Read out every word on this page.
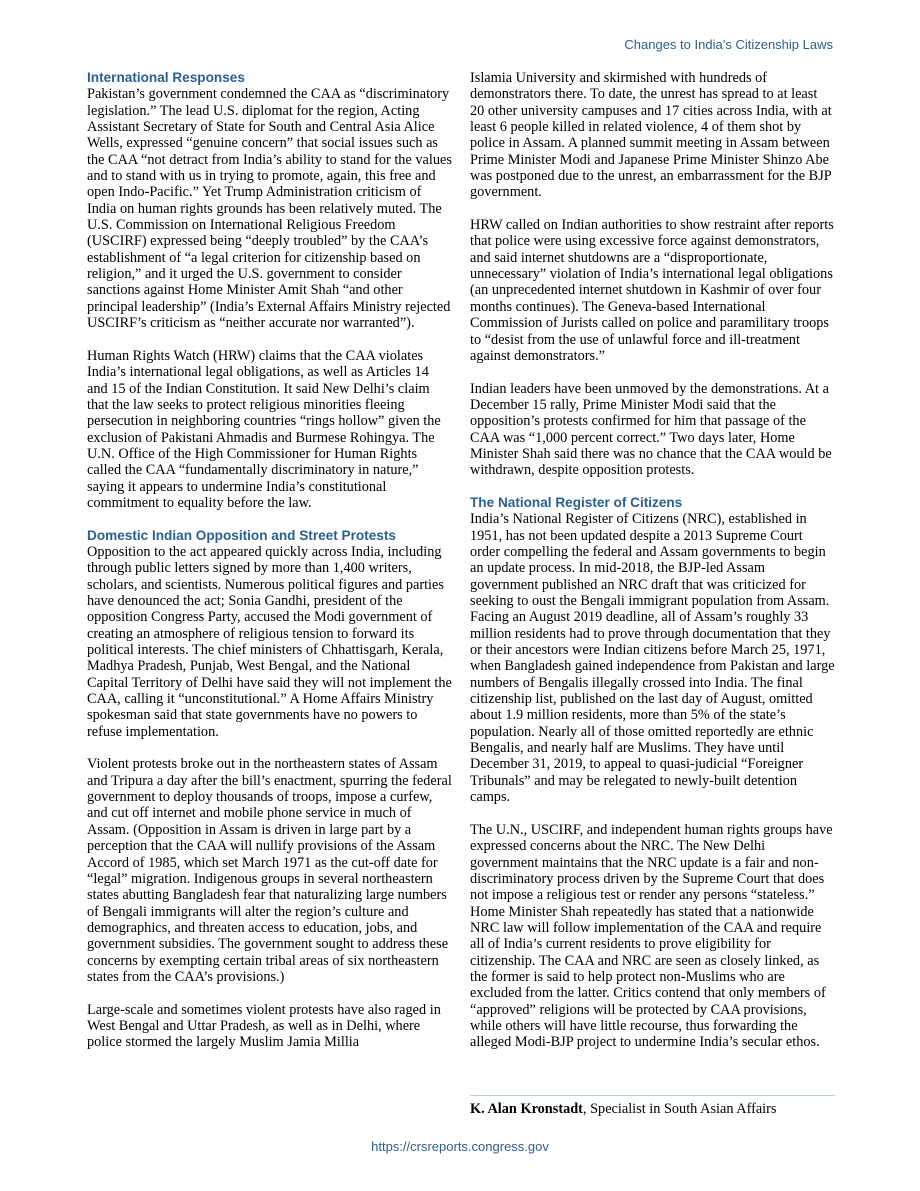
Changes to India’s Citizenship Laws
International Responses

Pakistan’s government condemned the CAA as “discriminatory legislation.” The lead U.S. diplomat for the region, Acting Assistant Secretary of State for South and Central Asia Alice Wells, expressed “genuine concern” that social issues such as the CAA “not detract from India’s ability to stand for the values and to stand with us in trying to promote, again, this free and open Indo-Pacific.” Yet Trump Administration criticism of India on human rights grounds has been relatively muted. The U.S. Commission on International Religious Freedom (USCIRF) expressed being “deeply troubled” by the CAA’s establishment of “a legal criterion for citizenship based on religion,” and it urged the U.S. government to consider sanctions against Home Minister Amit Shah “and other principal leadership” (India’s External Affairs Ministry rejected USCIRF’s criticism as “neither accurate nor warranted”).

Human Rights Watch (HRW) claims that the CAA violates India’s international legal obligations, as well as Articles 14 and 15 of the Indian Constitution. It said New Delhi’s claim that the law seeks to protect religious minorities fleeing persecution in neighboring countries “rings hollow” given the exclusion of Pakistani Ahmadis and Burmese Rohingya. The U.N. Office of the High Commissioner for Human Rights called the CAA “fundamentally discriminatory in nature,” saying it appears to undermine India’s constitutional commitment to equality before the law.

Domestic Indian Opposition and Street Protests

Opposition to the act appeared quickly across India, including through public letters signed by more than 1,400 writers, scholars, and scientists. Numerous political figures and parties have denounced the act; Sonia Gandhi, president of the opposition Congress Party, accused the Modi government of creating an atmosphere of religious tension to forward its political interests. The chief ministers of Chhattisgarh, Kerala, Madhya Pradesh, Punjab, West Bengal, and the National Capital Territory of Delhi have said they will not implement the CAA, calling it “unconstitutional.” A Home Affairs Ministry spokesman said that state governments have no powers to refuse implementation.

Violent protests broke out in the northeastern states of Assam and Tripura a day after the bill’s enactment, spurring the federal government to deploy thousands of troops, impose a curfew, and cut off internet and mobile phone service in much of Assam. (Opposition in Assam is driven in large part by a perception that the CAA will nullify provisions of the Assam Accord of 1985, which set March 1971 as the cut-off date for “legal” migration. Indigenous groups in several northeastern states abutting Bangladesh fear that naturalizing large numbers of Bengali immigrants will alter the region’s culture and demographics, and threaten access to education, jobs, and government subsidies. The government sought to address these concerns by exempting certain tribal areas of six northeastern states from the CAA’s provisions.)

Large-scale and sometimes violent protests have also raged in West Bengal and Uttar Pradesh, as well as in Delhi, where police stormed the largely Muslim Jamia Millia

Islamia University and skirmished with hundreds of demonstrators there. To date, the unrest has spread to at least 20 other university campuses and 17 cities across India, with at least 6 people killed in related violence, 4 of them shot by police in Assam. A planned summit meeting in Assam between Prime Minister Modi and Japanese Prime Minister Shinzo Abe was postponed due to the unrest, an embarrassment for the BJP government.

HRW called on Indian authorities to show restraint after reports that police were using excessive force against demonstrators, and said internet shutdowns are a “disproportionate, unnecessary” violation of India’s international legal obligations (an unprecedented internet shutdown in Kashmir of over four months continues). The Geneva-based International Commission of Jurists called on police and paramilitary troops to “desist from the use of unlawful force and ill-treatment against demonstrators.”

Indian leaders have been unmoved by the demonstrations. At a December 15 rally, Prime Minister Modi said that the opposition’s protests confirmed for him that passage of the CAA was “1,000 percent correct.” Two days later, Home Minister Shah said there was no chance that the CAA would be withdrawn, despite opposition protests.

The National Register of Citizens

India’s National Register of Citizens (NRC), established in 1951, has not been updated despite a 2013 Supreme Court order compelling the federal and Assam governments to begin an update process. In mid-2018, the BJP-led Assam government published an NRC draft that was criticized for seeking to oust the Bengali immigrant population from Assam. Facing an August 2019 deadline, all of Assam’s roughly 33 million residents had to prove through documentation that they or their ancestors were Indian citizens before March 25, 1971, when Bangladesh gained independence from Pakistan and large numbers of Bengalis illegally crossed into India. The final citizenship list, published on the last day of August, omitted about 1.9 million residents, more than 5% of the state’s population. Nearly all of those omitted reportedly are ethnic Bengalis, and nearly half are Muslims. They have until December 31, 2019, to appeal to quasi-judicial “Foreigner Tribunals” and may be relegated to newly-built detention camps.

The U.N., USCIRF, and independent human rights groups have expressed concerns about the NRC. The New Delhi government maintains that the NRC update is a fair and non-discriminatory process driven by the Supreme Court that does not impose a religious test or render any persons “stateless.” Home Minister Shah repeatedly has stated that a nationwide NRC law will follow implementation of the CAA and require all of India’s current residents to prove eligibility for citizenship. The CAA and NRC are seen as closely linked, as the former is said to help protect non-Muslims who are excluded from the latter. Critics contend that only members of “approved” religions will be protected by CAA provisions, while others will have little recourse, thus forwarding the alleged Modi-BJP project to undermine India’s secular ethos.

K. Alan Kronstadt, Specialist in South Asian Affairs
https://crsreports.congress.gov
